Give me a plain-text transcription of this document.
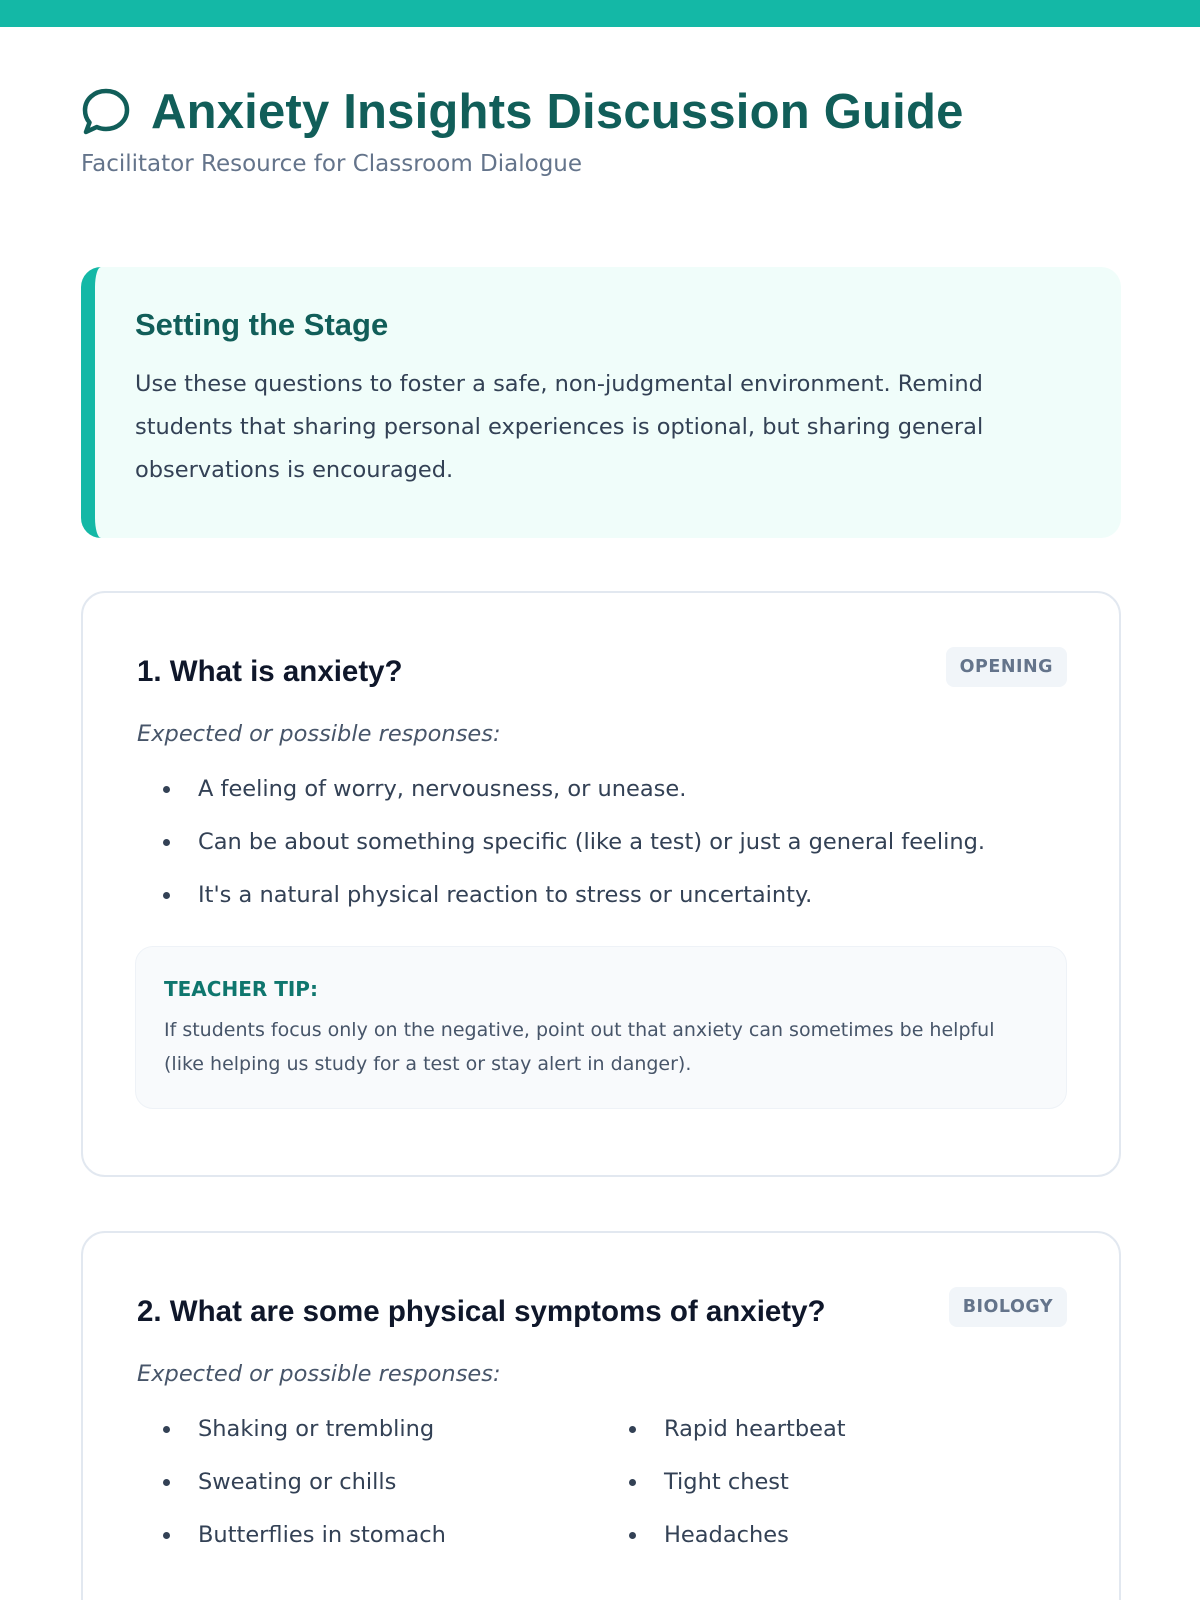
Anxiety Insights Discussion Guide
Facilitator Resource for Classroom Dialogue
Setting the Stage

Use these questions to foster a safe, non-judgmental environment. Remind students that sharing personal experiences is optional, but sharing general observations is encouraged.

1. What is anxiety?	OPENING
Expected or possible responses:
A feeling of worry, nervousness, or unease.
Can be about something specific (like a test) or just a general feeling.
It's a natural physical reaction to stress or uncertainty.
TEACHER TIP:

If students focus only on the negative, point out that anxiety can sometimes be helpful (like helping us study for a test or stay alert in danger).

2. What are some physical symptoms of anxiety?	BIOLOGY
Expected or possible responses:
Shaking or trembling
Sweating or chills
Butterflies in stomach
Rapid heartbeat
Tight chest
Headaches
